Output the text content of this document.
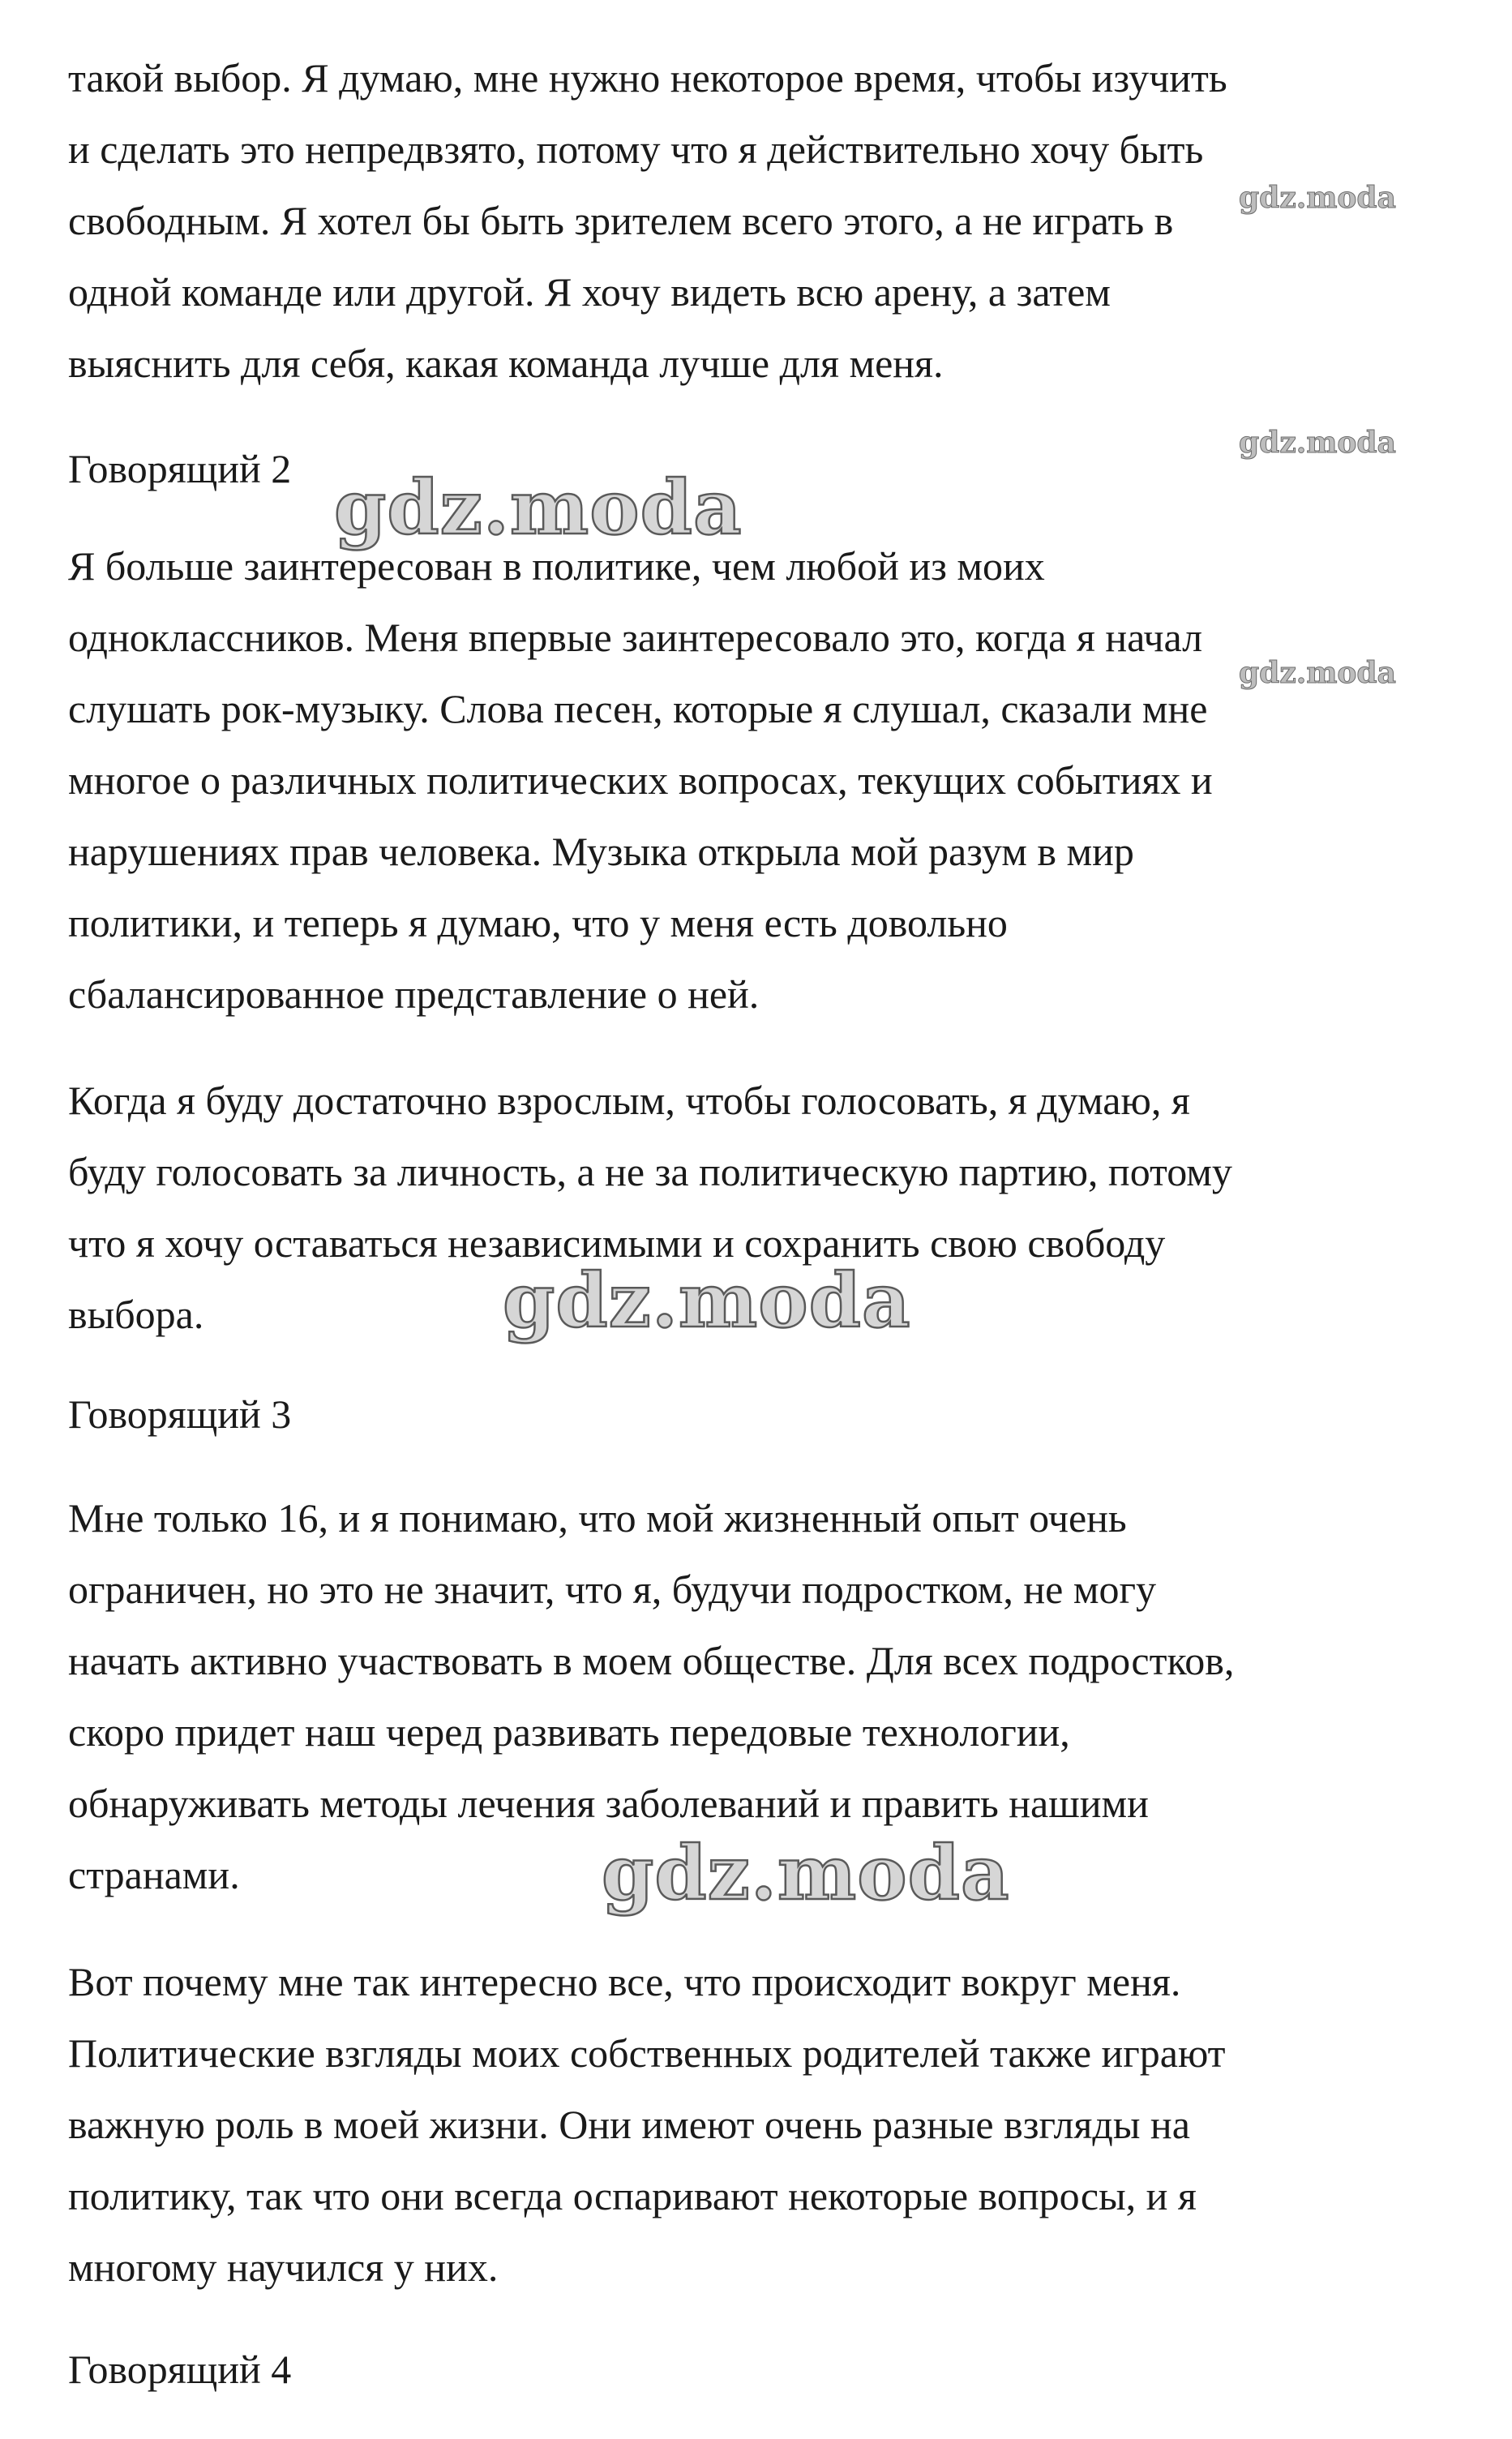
такой выбор. Я думаю, мне нужно некоторое время, чтобы изучить
и сделать это непредвзято, потому что я действительно хочу быть
свободным. Я хотел бы быть зрителем всего этого, а не играть в
одной команде или другой. Я хочу видеть всю арену, а затем
выяснить для себя, какая команда лучше для меня.
Говорящий 2
Я больше заинтересован в политике, чем любой из моих
одноклассников. Меня впервые заинтересовало это, когда я начал
слушать рок-музыку. Слова песен, которые я слушал, сказали мне
многое о различных политических вопросах, текущих событиях и
нарушениях прав человека. Музыка открыла мой разум в мир
политики, и теперь я думаю, что у меня есть довольно
сбалансированное представление о ней.
Когда я буду достаточно взрослым, чтобы голосовать, я думаю, я
буду голосовать за личность, а не за политическую партию, потому
что я хочу оставаться независимыми и сохранить свою свободу
выбора.
Говорящий 3
Мне только 16, и я понимаю, что мой жизненный опыт очень
ограничен, но это не значит, что я, будучи подростком, не могу
начать активно участвовать в моем обществе. Для всех подростков,
скоро придет наш черед развивать передовые технологии,
обнаруживать методы лечения заболеваний и править нашими
странами.
Вот почему мне так интересно все, что происходит вокруг меня.
Политические взгляды моих собственных родителей также играют
важную роль в моей жизни. Они имеют очень разные взгляды на
политику, так что они всегда оспаривают некоторые вопросы, и я
многому научился у них.
Говорящий 4
gdz.moda
gdz.moda
gdz.moda
gdz.moda
gdz.moda
gdz.moda
